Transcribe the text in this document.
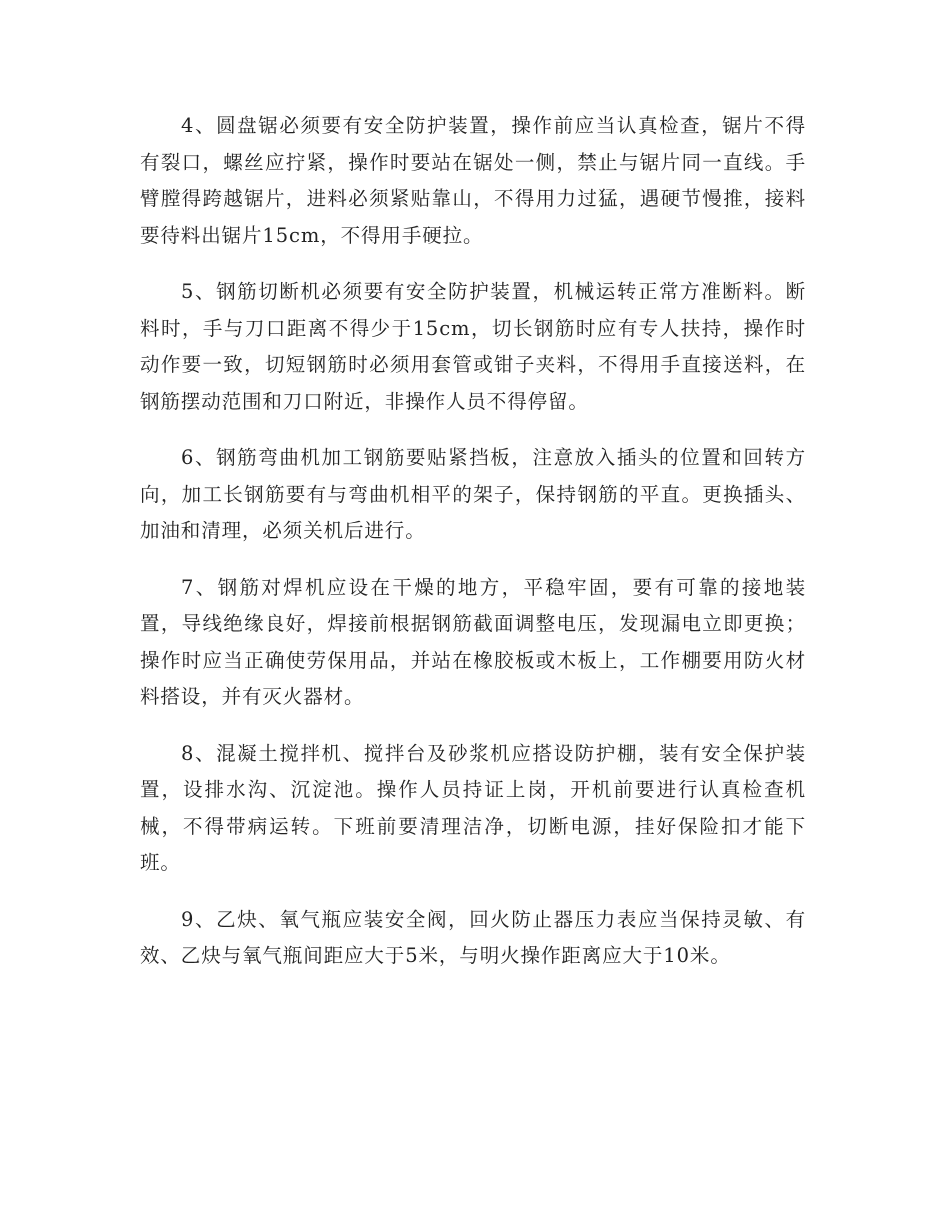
4、圆盘锯必须要有安全防护装置，操作前应当认真检查，锯片不得有裂口，螺丝应拧紧，操作时要站在锯处一侧，禁止与锯片同一直线。手臂膛得跨越锯片，进料必须紧贴靠山，不得用力过猛，遇硬节慢推，接料要待料出锯片15cm，不得用手硬拉。

5、钢筋切断机必须要有安全防护装置，机械运转正常方准断料。断料时，手与刀口距离不得少于15cm，切长钢筋时应有专人扶持，操作时动作要一致，切短钢筋时必须用套管或钳子夹料，不得用手直接送料，在钢筋摆动范围和刀口附近，非操作人员不得停留。

6、钢筋弯曲机加工钢筋要贴紧挡板，注意放入插头的位置和回转方向，加工长钢筋要有与弯曲机相平的架子，保持钢筋的平直。更换插头、加油和清理，必须关机后进行。

7、钢筋对焊机应设在干燥的地方，平稳牢固，要有可靠的接地装置，导线绝缘良好，焊接前根据钢筋截面调整电压，发现漏电立即更换；操作时应当正确使劳保用品，并站在橡胶板或木板上，工作棚要用防火材料搭设，并有灭火器材。

8、混凝土搅拌机、搅拌台及砂浆机应搭设防护棚，装有安全保护装置，设排水沟、沉淀池。操作人员持证上岗，开机前要进行认真检查机械，不得带病运转。下班前要清理洁净，切断电源，挂好保险扣才能下班。

9、乙炔、氧气瓶应装安全阀，回火防止器压力表应当保持灵敏、有效、乙炔与氧气瓶间距应大于5米，与明火操作距离应大于10米。
